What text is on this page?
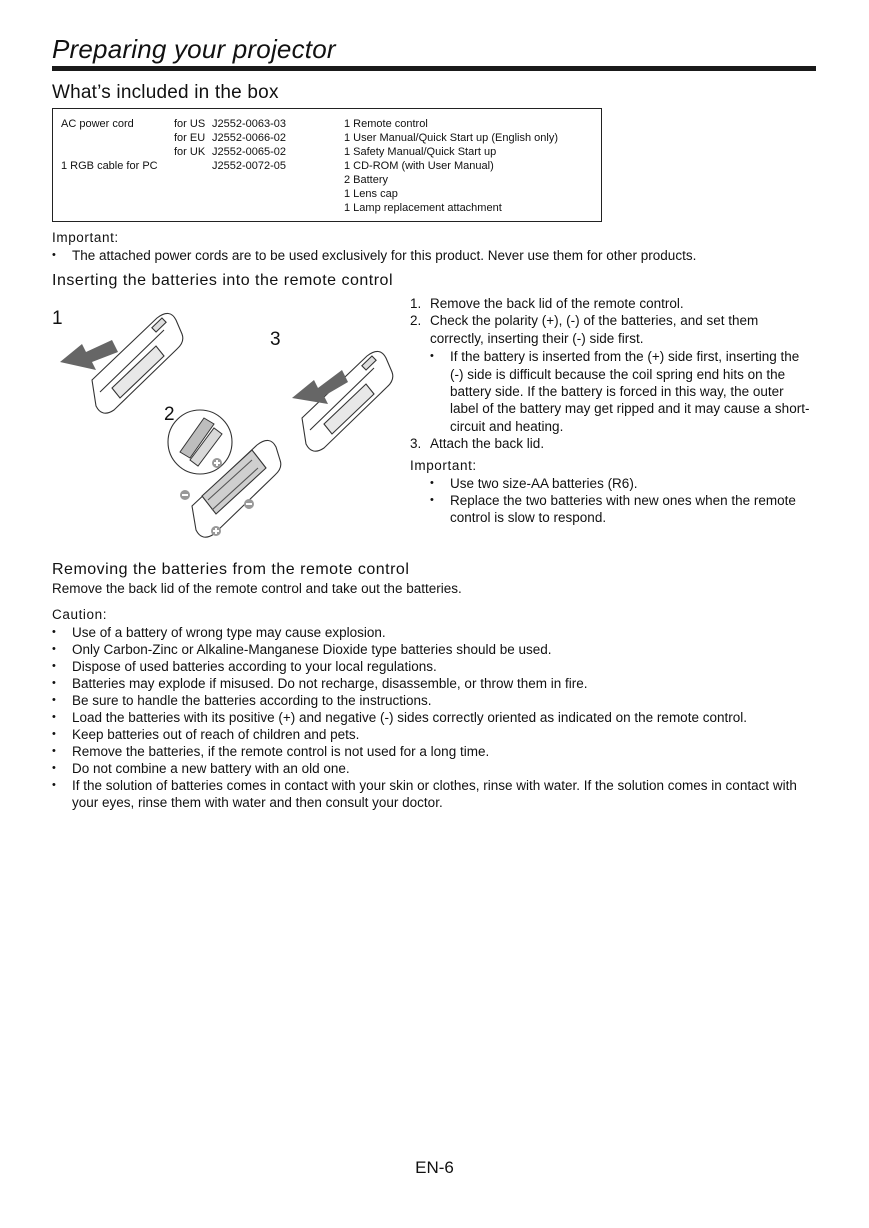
Preparing your projector
What’s included in the box
AC power cord
1 RGB cable for PC
for US
for EU
for UK
J2552-0063-03
J2552-0066-02
J2552-0065-02
J2552-0072-05
1 Remote control
1 User Manual/Quick Start up (English only)
1 Safety Manual/Quick Start up
1 CD-ROM (with User Manual)
2 Battery
1 Lens cap
1 Lamp replacement attachment
Important:
• The attached power cords are to be used exclusively for this product. Never use them for other products.
Inserting the batteries into the remote control
1
2
3
1. Remove the back lid of the remote control.
2. Check the polarity (+), (-) of the batteries, and set them correctly, inserting their (-) side first.
• If the battery is inserted from the (+) side first, inserting the (-) side is difficult because the coil spring end hits on the battery side. If the battery is forced in this way, the outer label of the battery may get ripped and it may cause a short-circuit and heating.
3. Attach the back lid.
Important:
• Use two size-AA batteries (R6).
• Replace the two batteries with new ones when the remote control is slow to respond.
Removing the batteries from the remote control
Remove the back lid of the remote control and take out the batteries.
Caution:
• Use of a battery of wrong type may cause explosion.
• Only Carbon-Zinc or Alkaline-Manganese Dioxide type batteries should be used.
• Dispose of used batteries according to your local regulations.
• Batteries may explode if misused. Do not recharge, disassemble, or throw them in fire.
• Be sure to handle the batteries according to the instructions.
• Load the batteries with its positive (+) and negative (-) sides correctly oriented as indicated on the remote control.
• Keep batteries out of reach of children and pets.
• Remove the batteries, if the remote control is not used for a long time.
• Do not combine a new battery with an old one.
• If the solution of batteries comes in contact with your skin or clothes, rinse with water. If the solution comes in contact with your eyes, rinse them with water and then consult your doctor.
EN-6
